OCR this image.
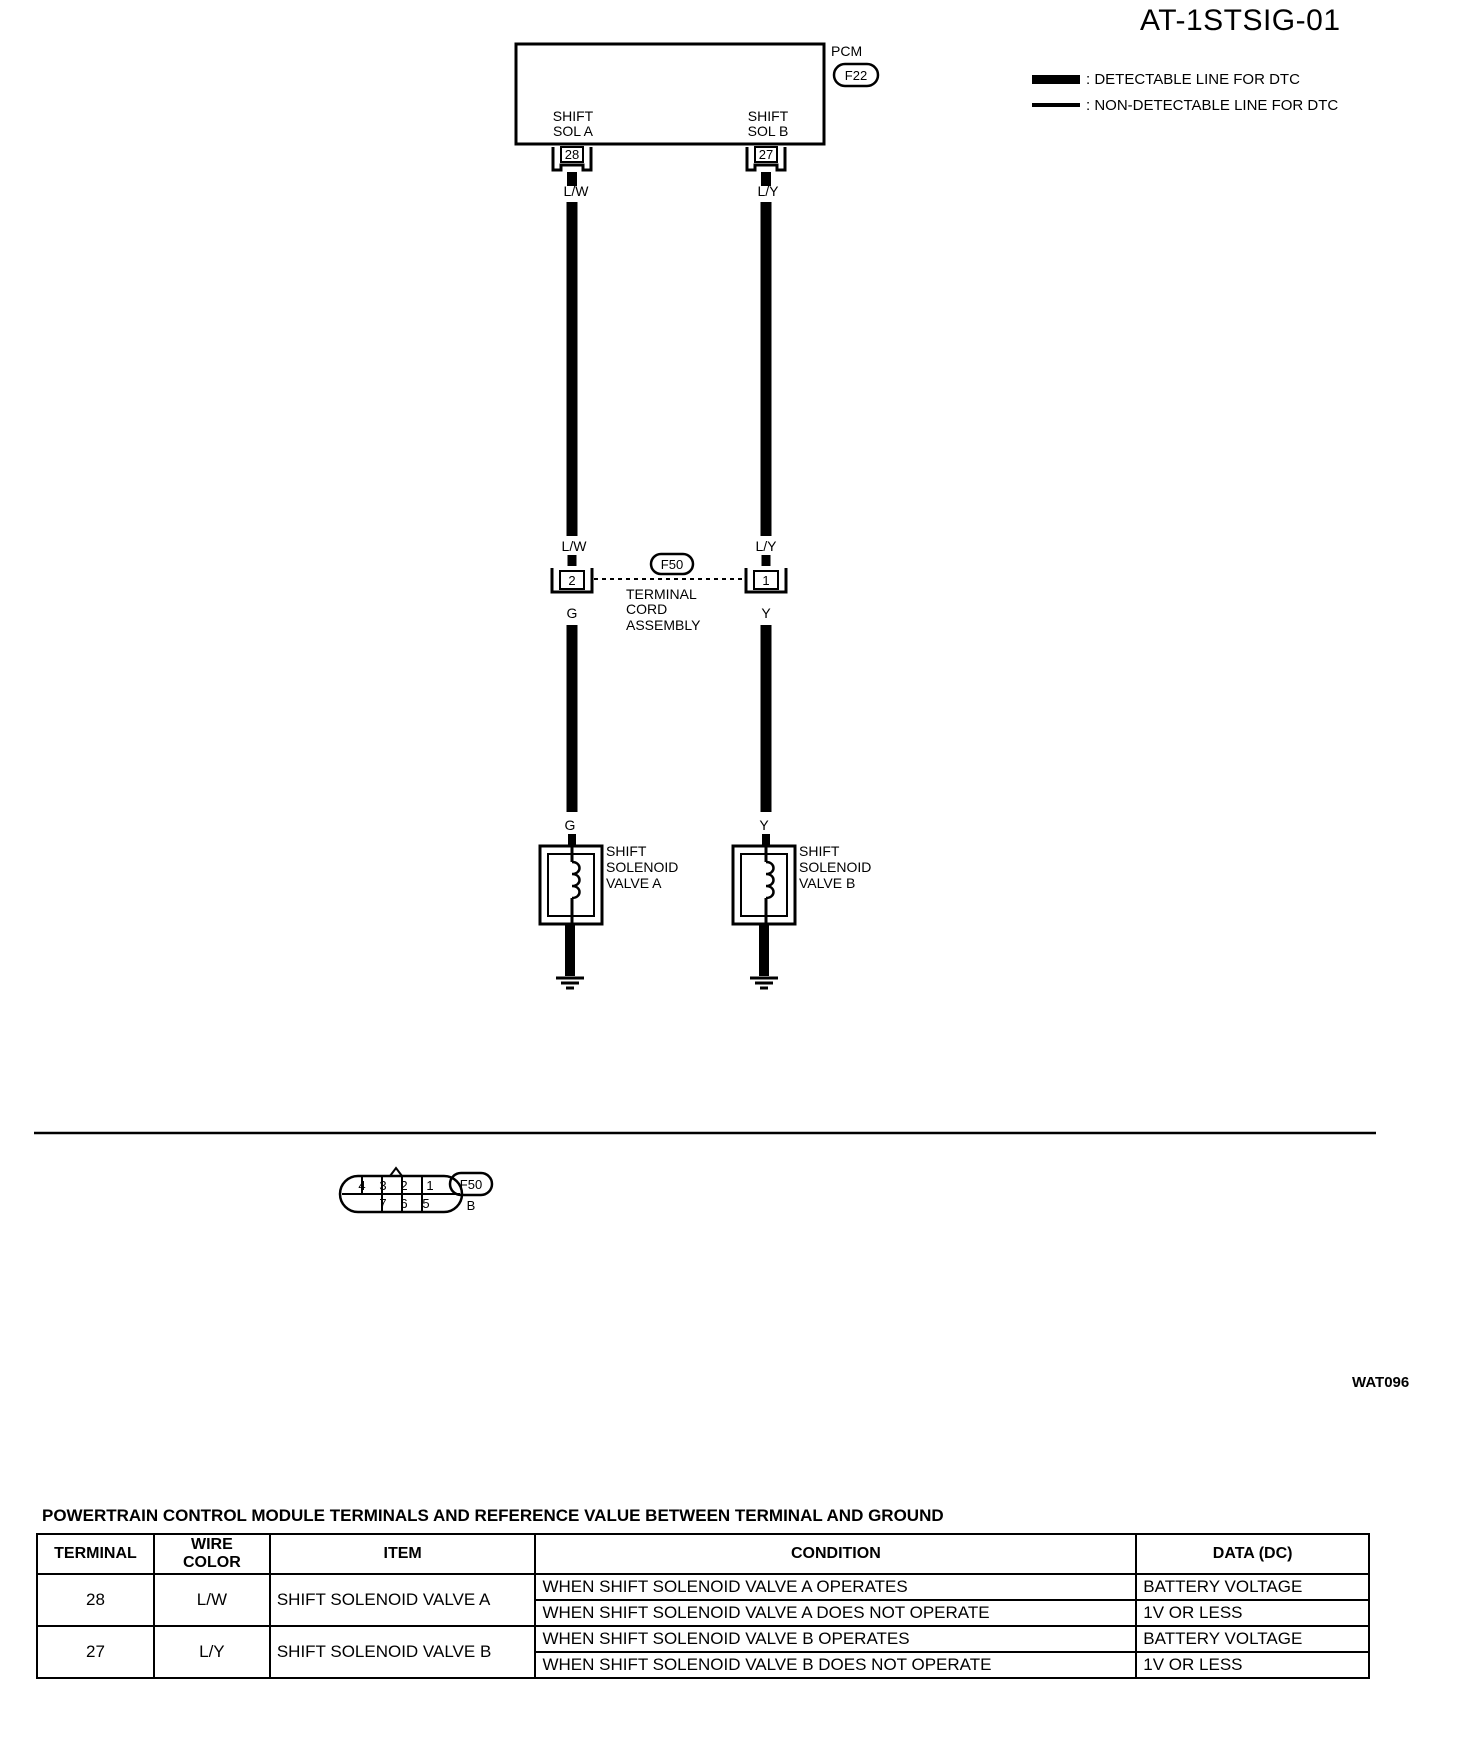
AT-1STSIG-01
: DETECTABLE LINE FOR DTC
: NON-DETECTABLE LINE FOR DTC
PCM
F22
SHIFT
SOL A
SHIFT
SOL B
28	27
L/W	L/Y
L/W	L/Y
2	1
F50
TERMINAL
CORD
ASSEMBLY
G	Y
G	Y
SHIFT
SOLENOID
VALVE A
SHIFT
SOLENOID
VALVE B
4 3 2 1
7 6 5
F50
B
WAT096
POWERTRAIN CONTROL MODULE TERMINALS AND REFERENCE VALUE BETWEEN TERMINAL AND GROUND
TERMINAL	WIRE COLOR	ITEM	CONDITION	DATA (DC)
28	L/W	SHIFT SOLENOID VALVE A	WHEN SHIFT SOLENOID VALVE A OPERATES	BATTERY VOLTAGE
			WHEN SHIFT SOLENOID VALVE A DOES NOT OPERATE	1V OR LESS
27	L/Y	SHIFT SOLENOID VALVE B	WHEN SHIFT SOLENOID VALVE B OPERATES	BATTERY VOLTAGE
			WHEN SHIFT SOLENOID VALVE B DOES NOT OPERATE	1V OR LESS
